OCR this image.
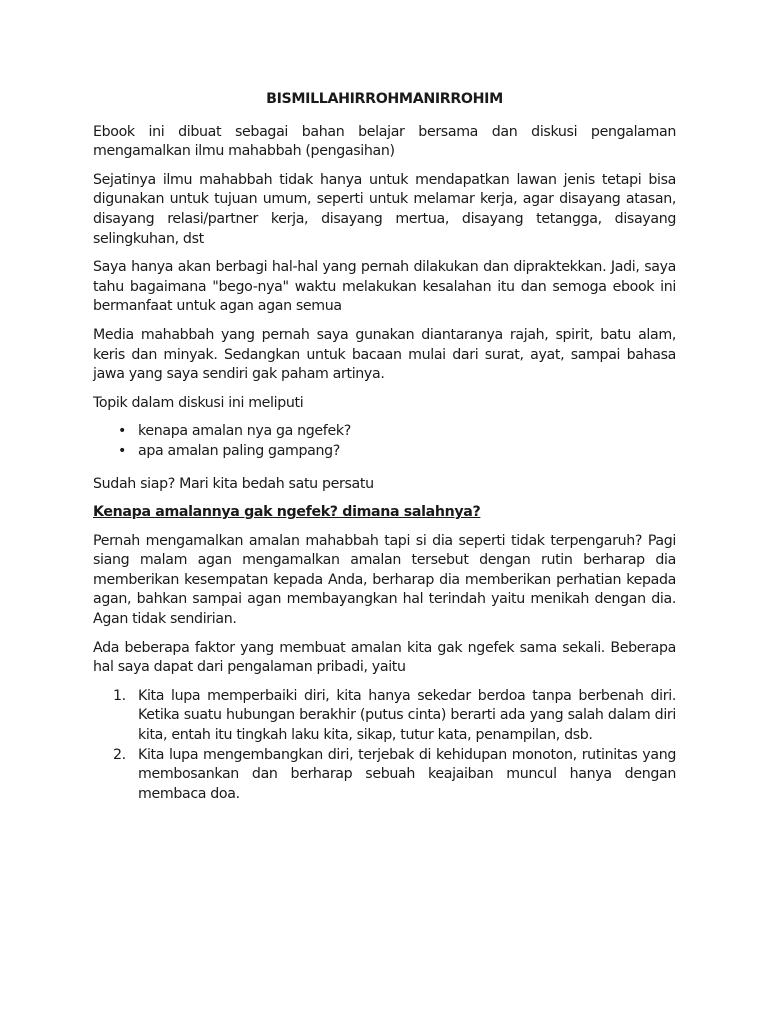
BISMILLAHIRROHMANIRROHIM

Ebook ini dibuat sebagai bahan belajar bersama dan diskusi pengalaman mengamalkan ilmu mahabbah (pengasihan)

Sejatinya ilmu mahabbah tidak hanya untuk mendapatkan lawan jenis tetapi bisa digunakan untuk tujuan umum, seperti untuk melamar kerja, agar disayang atasan, disayang relasi/partner kerja, disayang mertua, disayang tetangga, disayang selingkuhan, dst

Saya hanya akan berbagi hal-hal yang pernah dilakukan dan dipraktekkan. Jadi, saya tahu bagaimana "bego-nya" waktu melakukan kesalahan itu dan semoga ebook ini bermanfaat untuk agan agan semua

Media mahabbah yang pernah saya gunakan diantaranya rajah, spirit, batu alam, keris dan minyak. Sedangkan untuk bacaan mulai dari surat, ayat, sampai bahasa jawa yang saya sendiri gak paham artinya.

Topik dalam diskusi ini meliputi

• kenapa amalan nya ga ngefek?
• apa amalan paling gampang?

Sudah siap? Mari kita bedah satu persatu

Kenapa amalannya gak ngefek? dimana salahnya?

Pernah mengamalkan amalan mahabbah tapi si dia seperti tidak terpengaruh? Pagi siang malam agan mengamalkan amalan tersebut dengan rutin berharap dia memberikan kesempatan kepada Anda, berharap dia memberikan perhatian kepada agan, bahkan sampai agan membayangkan hal terindah yaitu menikah dengan dia. Agan tidak sendirian.

Ada beberapa faktor yang membuat amalan kita gak ngefek sama sekali. Beberapa hal saya dapat dari pengalaman pribadi, yaitu

1. Kita lupa memperbaiki diri, kita hanya sekedar berdoa tanpa berbenah diri. Ketika suatu hubungan berakhir (putus cinta) berarti ada yang salah dalam diri kita, entah itu tingkah laku kita, sikap, tutur kata, penampilan, dsb.
2. Kita lupa mengembangkan diri, terjebak di kehidupan monoton, rutinitas yang membosankan dan berharap sebuah keajaiban muncul hanya dengan membaca doa.
